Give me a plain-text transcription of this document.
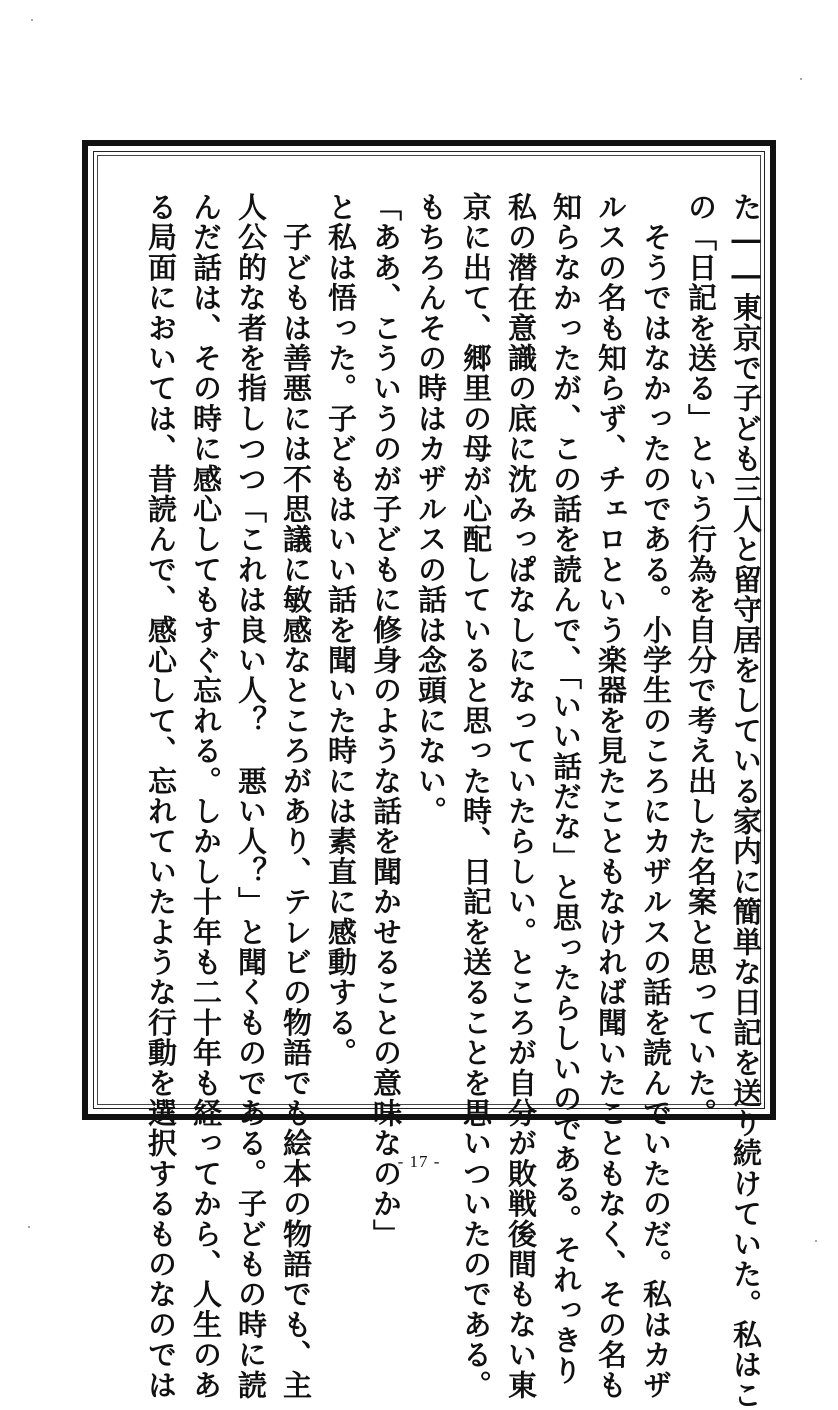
た――東京で子ども三人と留守居をしている家内に簡単な日記を送り続けていた。私はこ
の「日記を送る」という行為を自分で考え出した名案と思っていた。
　そうではなかったのである。小学生のころにカザルスの話を読んでいたのだ。私はカザ
ルスの名も知らず、チェロという楽器を見たこともなければ聞いたこともなく、その名も
知らなかったが、この話を読んで、「いい話だな」と思ったらしいのである。それっきり
私の潜在意識の底に沈みっぱなしになっていたらしい。ところが自分が敗戦後間もない東
京に出て、郷里の母が心配していると思った時、日記を送ることを思いついたのである。
もちろんその時はカザルスの話は念頭にない。
「ああ、こういうのが子どもに修身のような話を聞かせることの意味なのか」
と私は悟った。子どもはいい話を聞いた時には素直に感動する。
　子どもは善悪には不思議に敏感なところがあり、テレビの物語でも絵本の物語でも、主
人公的な者を指しつつ「これは良い人？　悪い人？」と聞くものである。子どもの時に読
んだ話は、その時に感心してもすぐ忘れる。しかし十年も二十年も経ってから、人生のあ
る局面においては、昔読んで、感心して、忘れていたような行動を選択するものなのでは	- 17 -
